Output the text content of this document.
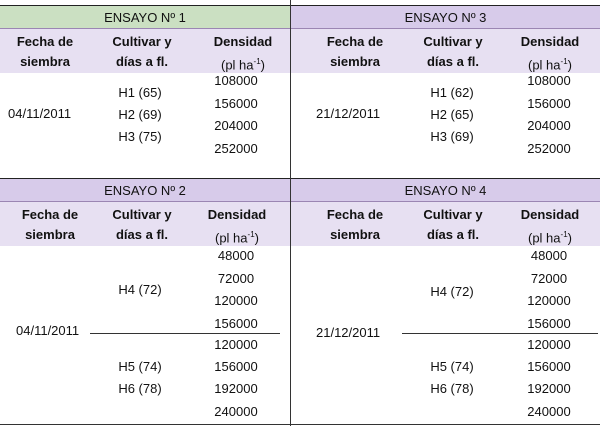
ENSAYO Nº 1
Fecha de
siembra
Cultivar y
días a fl.
Densidad
(pl $ha^{-1}$)
04/11/2011
H1 (65)
H2 (69)
H3 (75)
108000
156000
204000
252000
ENSAYO Nº 3
Fecha de
siembra
Cultivar y
días a fl.
Densidad
(pl $ha^{-1}$)
21/12/2011
H1 (62)
H2 (65)
H3 (69)
108000
156000
204000
252000
ENSAYO Nº 2
Fecha de
siembra
Cultivar y
días a fl.
Densidad
(pl $ha^{-1}$)
04/11/2011
H4 (72)
H5 (74)
H6 (78)
48000
72000
120000
156000
120000
156000
192000
240000
ENSAYO Nº 4
Fecha de
siembra
Cultivar y
días a fl.
Densidad
(pl $ha^{-1}$)
21/12/2011
H4 (72)
H5 (74)
H6 (78)
48000
72000
120000
156000
120000
156000
192000
240000
